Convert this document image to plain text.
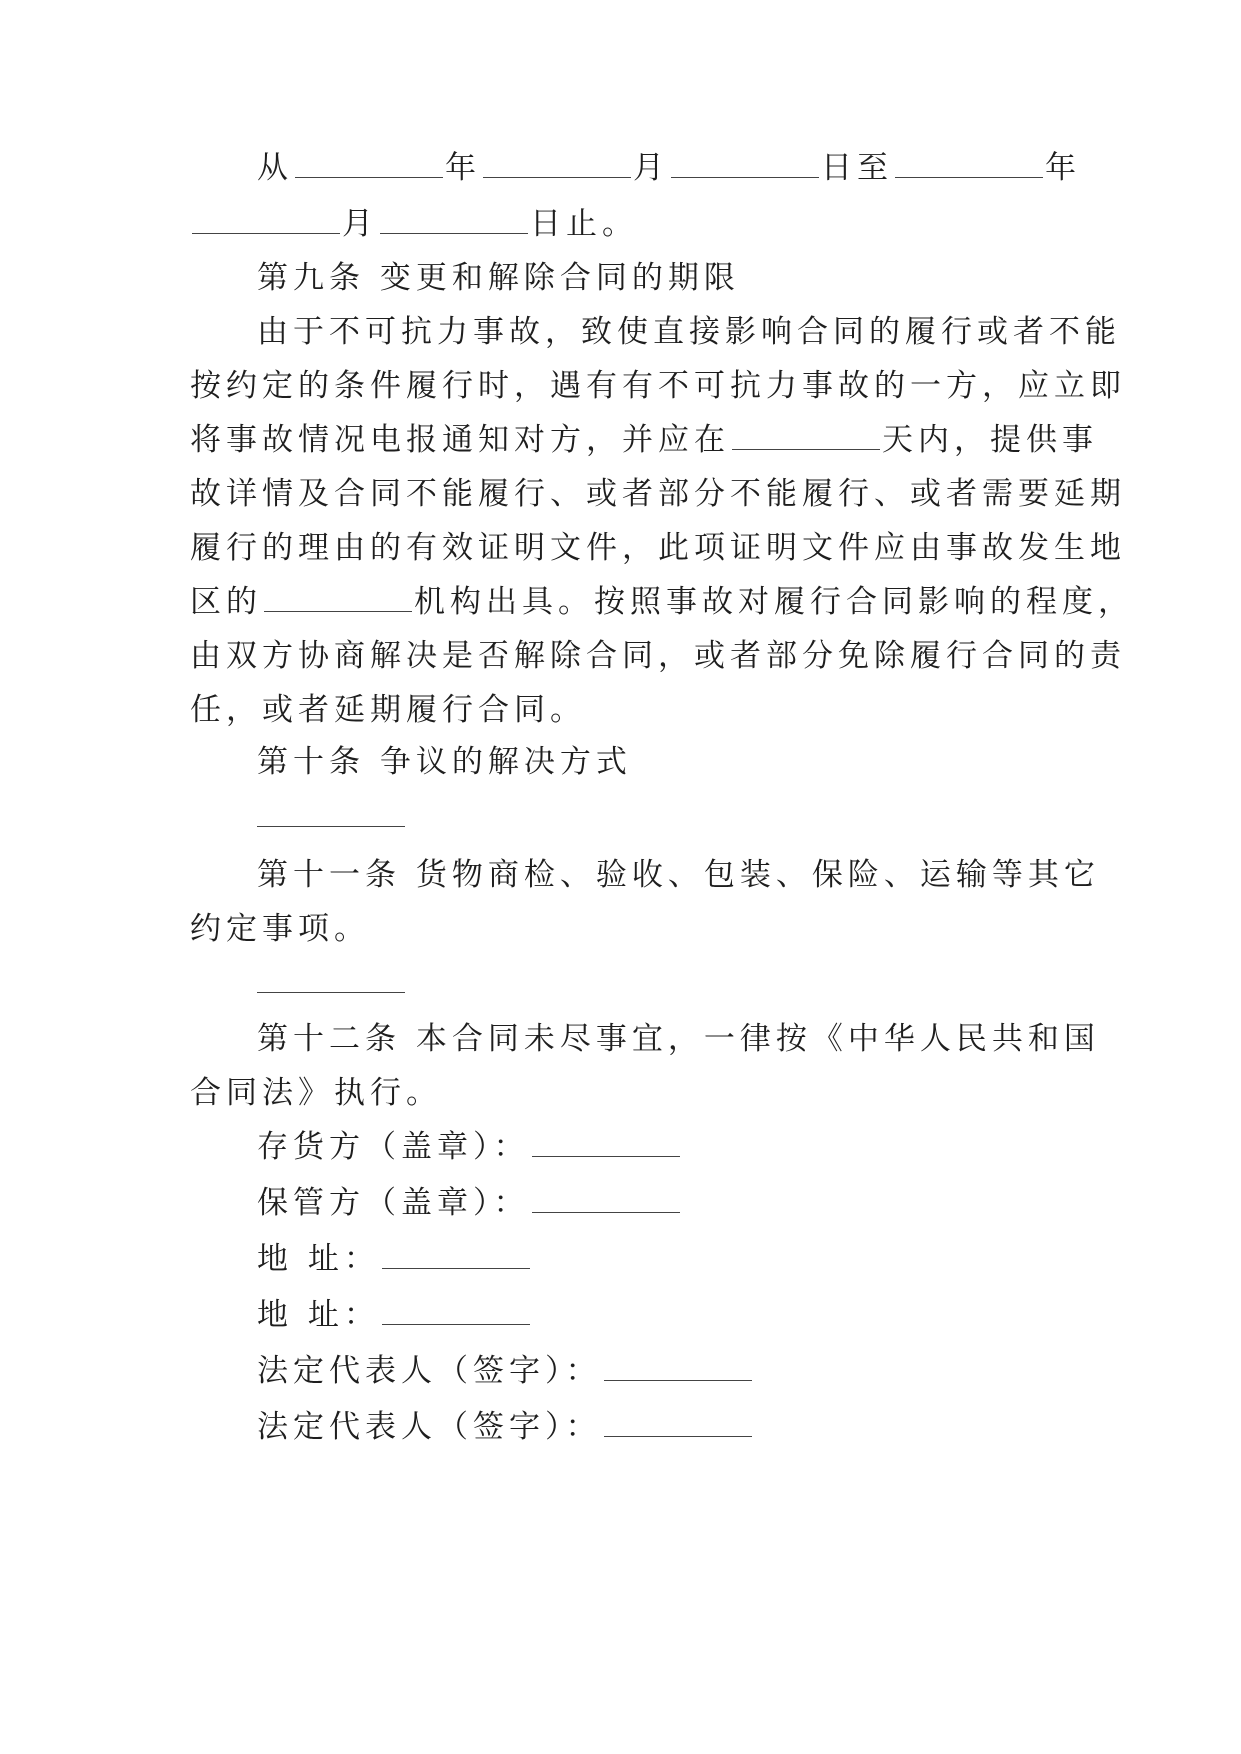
从	年	月	日至	年
月	日止。
第九条 变更和解除合同的期限
由于不可抗力事故，致使直接影响合同的履行或者不能
按约定的条件履行时，遇有有不可抗力事故的一方，应立即
将事故情况电报通知对方，并应在	天内，提供事
故详情及合同不能履行、或者部分不能履行、或者需要延期
履行的理由的有效证明文件，此项证明文件应由事故发生地
区的	机构出具。按照事故对履行合同影响的程度，
由双方协商解决是否解除合同，或者部分免除履行合同的责
任，或者延期履行合同。
第十条 争议的解决方式
第十一条 货物商检、验收、包装、保险、运输等其它
约定事项。
第十二条 本合同未尽事宜，一律按《中华人民共和国
合同法》执行。
存货方（盖章）：
保管方（盖章）：
地 址：
地 址：
法定代表人（签字）：
法定代表人（签字）：
